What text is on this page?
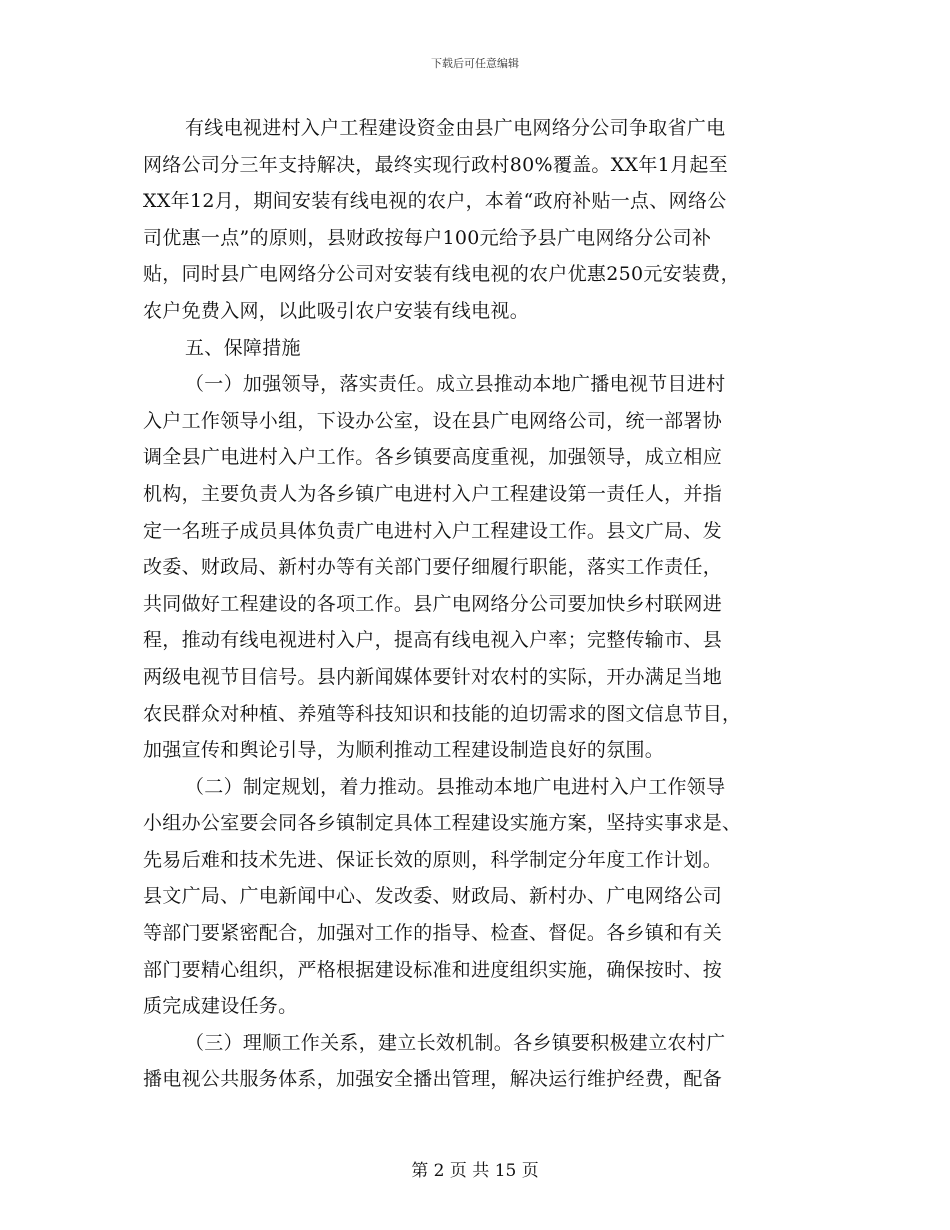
下载后可任意编辑
有线电视进村入户工程建设资金由县广电网络分公司争取省广电
网络公司分三年支持解决，最终实现行政村80%覆盖。XX年1月起至
XX年12月，期间安装有线电视的农户，本着“政府补贴一点、网络公
司优惠一点”的原则，县财政按每户100元给予县广电网络分公司补
贴，同时县广电网络分公司对安装有线电视的农户优惠250元安装费，
农户免费入网，以此吸引农户安装有线电视。
五、保障措施
（一）加强领导，落实责任。成立县推动本地广播电视节目进村
入户工作领导小组，下设办公室，设在县广电网络公司，统一部署协
调全县广电进村入户工作。各乡镇要高度重视，加强领导，成立相应
机构，主要负责人为各乡镇广电进村入户工程建设第一责任人，并指
定一名班子成员具体负责广电进村入户工程建设工作。县文广局、发
改委、财政局、新村办等有关部门要仔细履行职能，落实工作责任，
共同做好工程建设的各项工作。县广电网络分公司要加快乡村联网进
程，推动有线电视进村入户，提高有线电视入户率；完整传输市、县
两级电视节目信号。县内新闻媒体要针对农村的实际，开办满足当地
农民群众对种植、养殖等科技知识和技能的迫切需求的图文信息节目，
加强宣传和舆论引导，为顺利推动工程建设制造良好的氛围。
（二）制定规划，着力推动。县推动本地广电进村入户工作领导
小组办公室要会同各乡镇制定具体工程建设实施方案，坚持实事求是、
先易后难和技术先进、保证长效的原则，科学制定分年度工作计划。
县文广局、广电新闻中心、发改委、财政局、新村办、广电网络公司
等部门要紧密配合，加强对工作的指导、检查、督促。各乡镇和有关
部门要精心组织，严格根据建设标准和进度组织实施，确保按时、按
质完成建设任务。
（三）理顺工作关系，建立长效机制。各乡镇要积极建立农村广
播电视公共服务体系，加强安全播出管理，解决运行维护经费，配备
第 2 页 共 15 页
